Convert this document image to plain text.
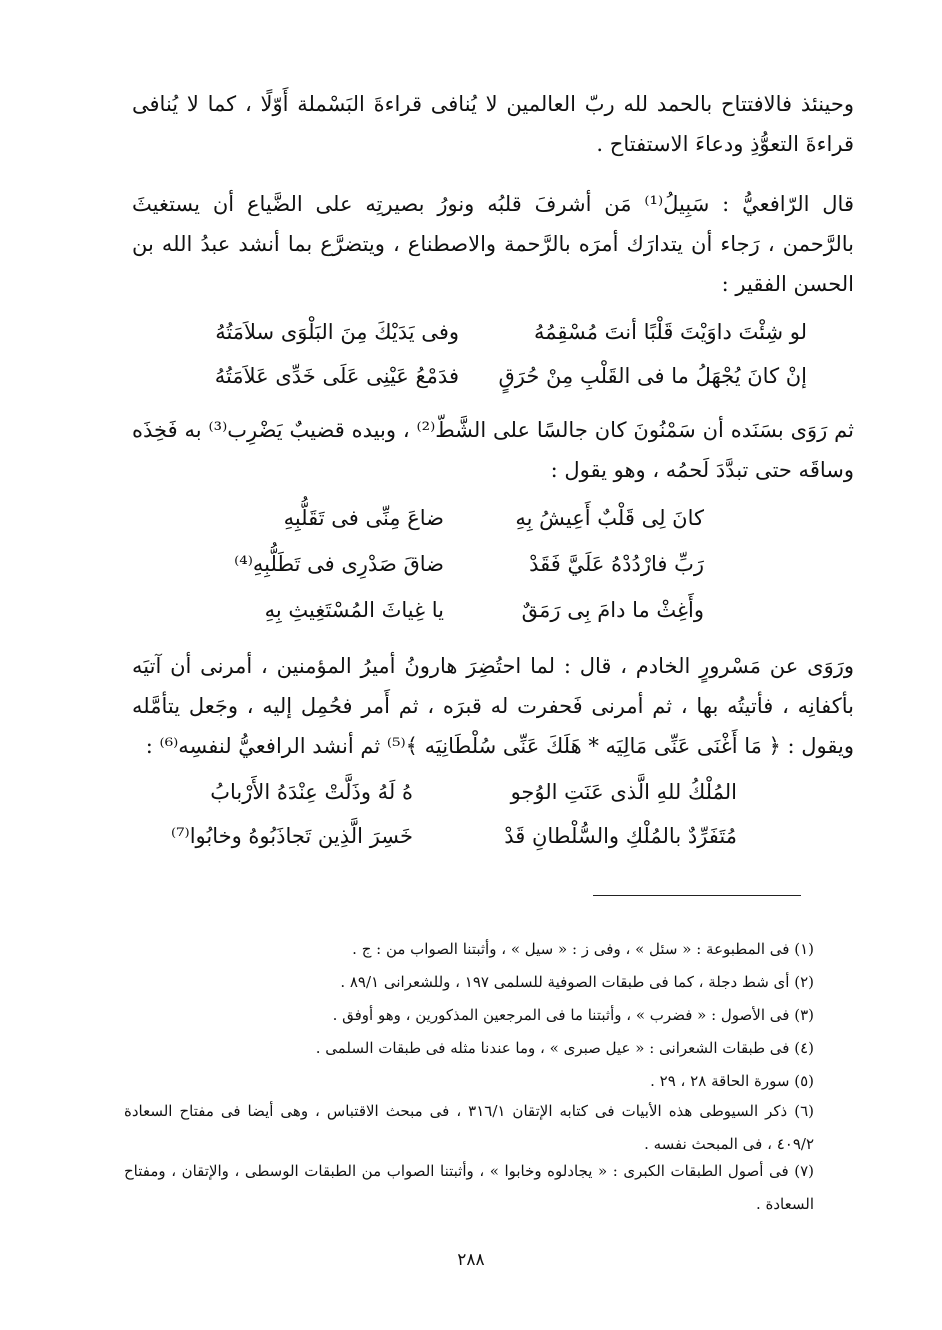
وحينئذ فالافتتاح بالحمد لله ربّ العالمين لا يُنافى قراءةَ البَسْملة أَوّلًا ، كما لا يُنافى قراءةَ التعوُّذِ ودعاءَ الاستفتاح .

قال الرّافعيُّ : سَبِيلُ⁽¹⁾ مَن أشرفَ قلبُه ونورُ بصيرتِه على الضَّياع أن يستغيثَ بالرَّحمن ، رَجاء أن يتدارَك أمرَه بالرَّحمة والاصطناع ، ويتضرَّع بما أنشد عبدُ الله بن الحسن الفقير :

لو شِئْتَ داوَيْتَ قَلْبًا أنتَ مُسْقِمُهُ
وفى يَدَيْكَ مِنَ البَلْوَى سلاَمَتُهُ
إنْ كانَ يُجْهَلُ ما فى القَلْبِ مِنْ حُرَقٍ
فدَمْعُ عَيْنِى عَلَى خَدِّى عَلاَمَتُهُ

ثم رَوَى بسَنَده أن سَمْنُونَ كان جالسًا على الشَّطّ⁽²⁾ ، وبيده قضيبٌ يَضْرِب⁽³⁾ به فَخِذَه وساقَه حتى تبدَّدَ لَحمُه ، وهو يقول :

كانَ لِى قَلْبٌ أَعِيشُ بِهِ
ضاعَ مِنِّى فى تَقَلُّبِهِ
رَبِّ فارْدُدْهُ عَلَيَّ فَقَدْ
ضاقَ صَدْرِى فى تَطَلُّبِهِ⁽⁴⁾
وأَغِثْ ما دامَ بِى رَمَقٌ
يا غِياثَ المُسْتَغِيثِ بِهِ

ورَوَى عن مَسْرورٍ الخادم ، قال : لما احتُضِرَ هارونُ أميرُ المؤمنين ، أمرنى أن آتيَه بأكفانِه ، فأتيتُه بها ، ثم أمرنى فَحفرت له قبرَه ، ثم أَمر فحُمِل إليه ، وجَعل يتأمَّله ويقول : ﴿ مَا أَغْنَى عَنِّى مَالِيَه * هَلَكَ عَنِّى سُلْطَانِيَه ﴾⁽⁵⁾ ثم أنشد الرافعيُّ لنفسِه⁽⁶⁾ :

المُلْكُ للهِ الَّذى عَنَتِ الوُجو
هُ لَهُ وذَلَّتْ عِنْدَهُ الأَرْبابُ
مُتَفَرِّدٌ بالمُلْكِ والسُّلْطانِ قَدْ
خَسِرَ الَّذِين تَجاذَبُوهُ وخابُوا⁽⁷⁾

(١) فى المطبوعة : « سئل » ، وفى ز : « سيل » ، وأثبتنا الصواب من : ج .

(٢) أى شط دجلة ، كما فى طبقات الصوفية للسلمى ١٩٧ ، وللشعرانى ٨٩/١ .

(٣) فى الأصول : « فضرب » ، وأثبتنا ما فى المرجعين المذكورين ، وهو أوفق .

(٤) فى طبقات الشعرانى : « عيل صبرى » ، وما عندنا مثله فى طبقات السلمى .

(٥) سورة الحاقة ٢٨ ، ٢٩ .

(٦) ذكر السيوطى هذه الأبيات فى كتابه الإتقان ٣١٦/١ ، فى مبحث الاقتباس ، وهى أيضا فى مفتاح السعادة ٤٠٩/٢ ، فى المبحث نفسه .

(٧) فى أصول الطبقات الكبرى : « يجادلوه وخابوا » ، وأثبتنا الصواب من الطبقات الوسطى ، والإتقان ، ومفتاح السعادة .

٢٨٨
